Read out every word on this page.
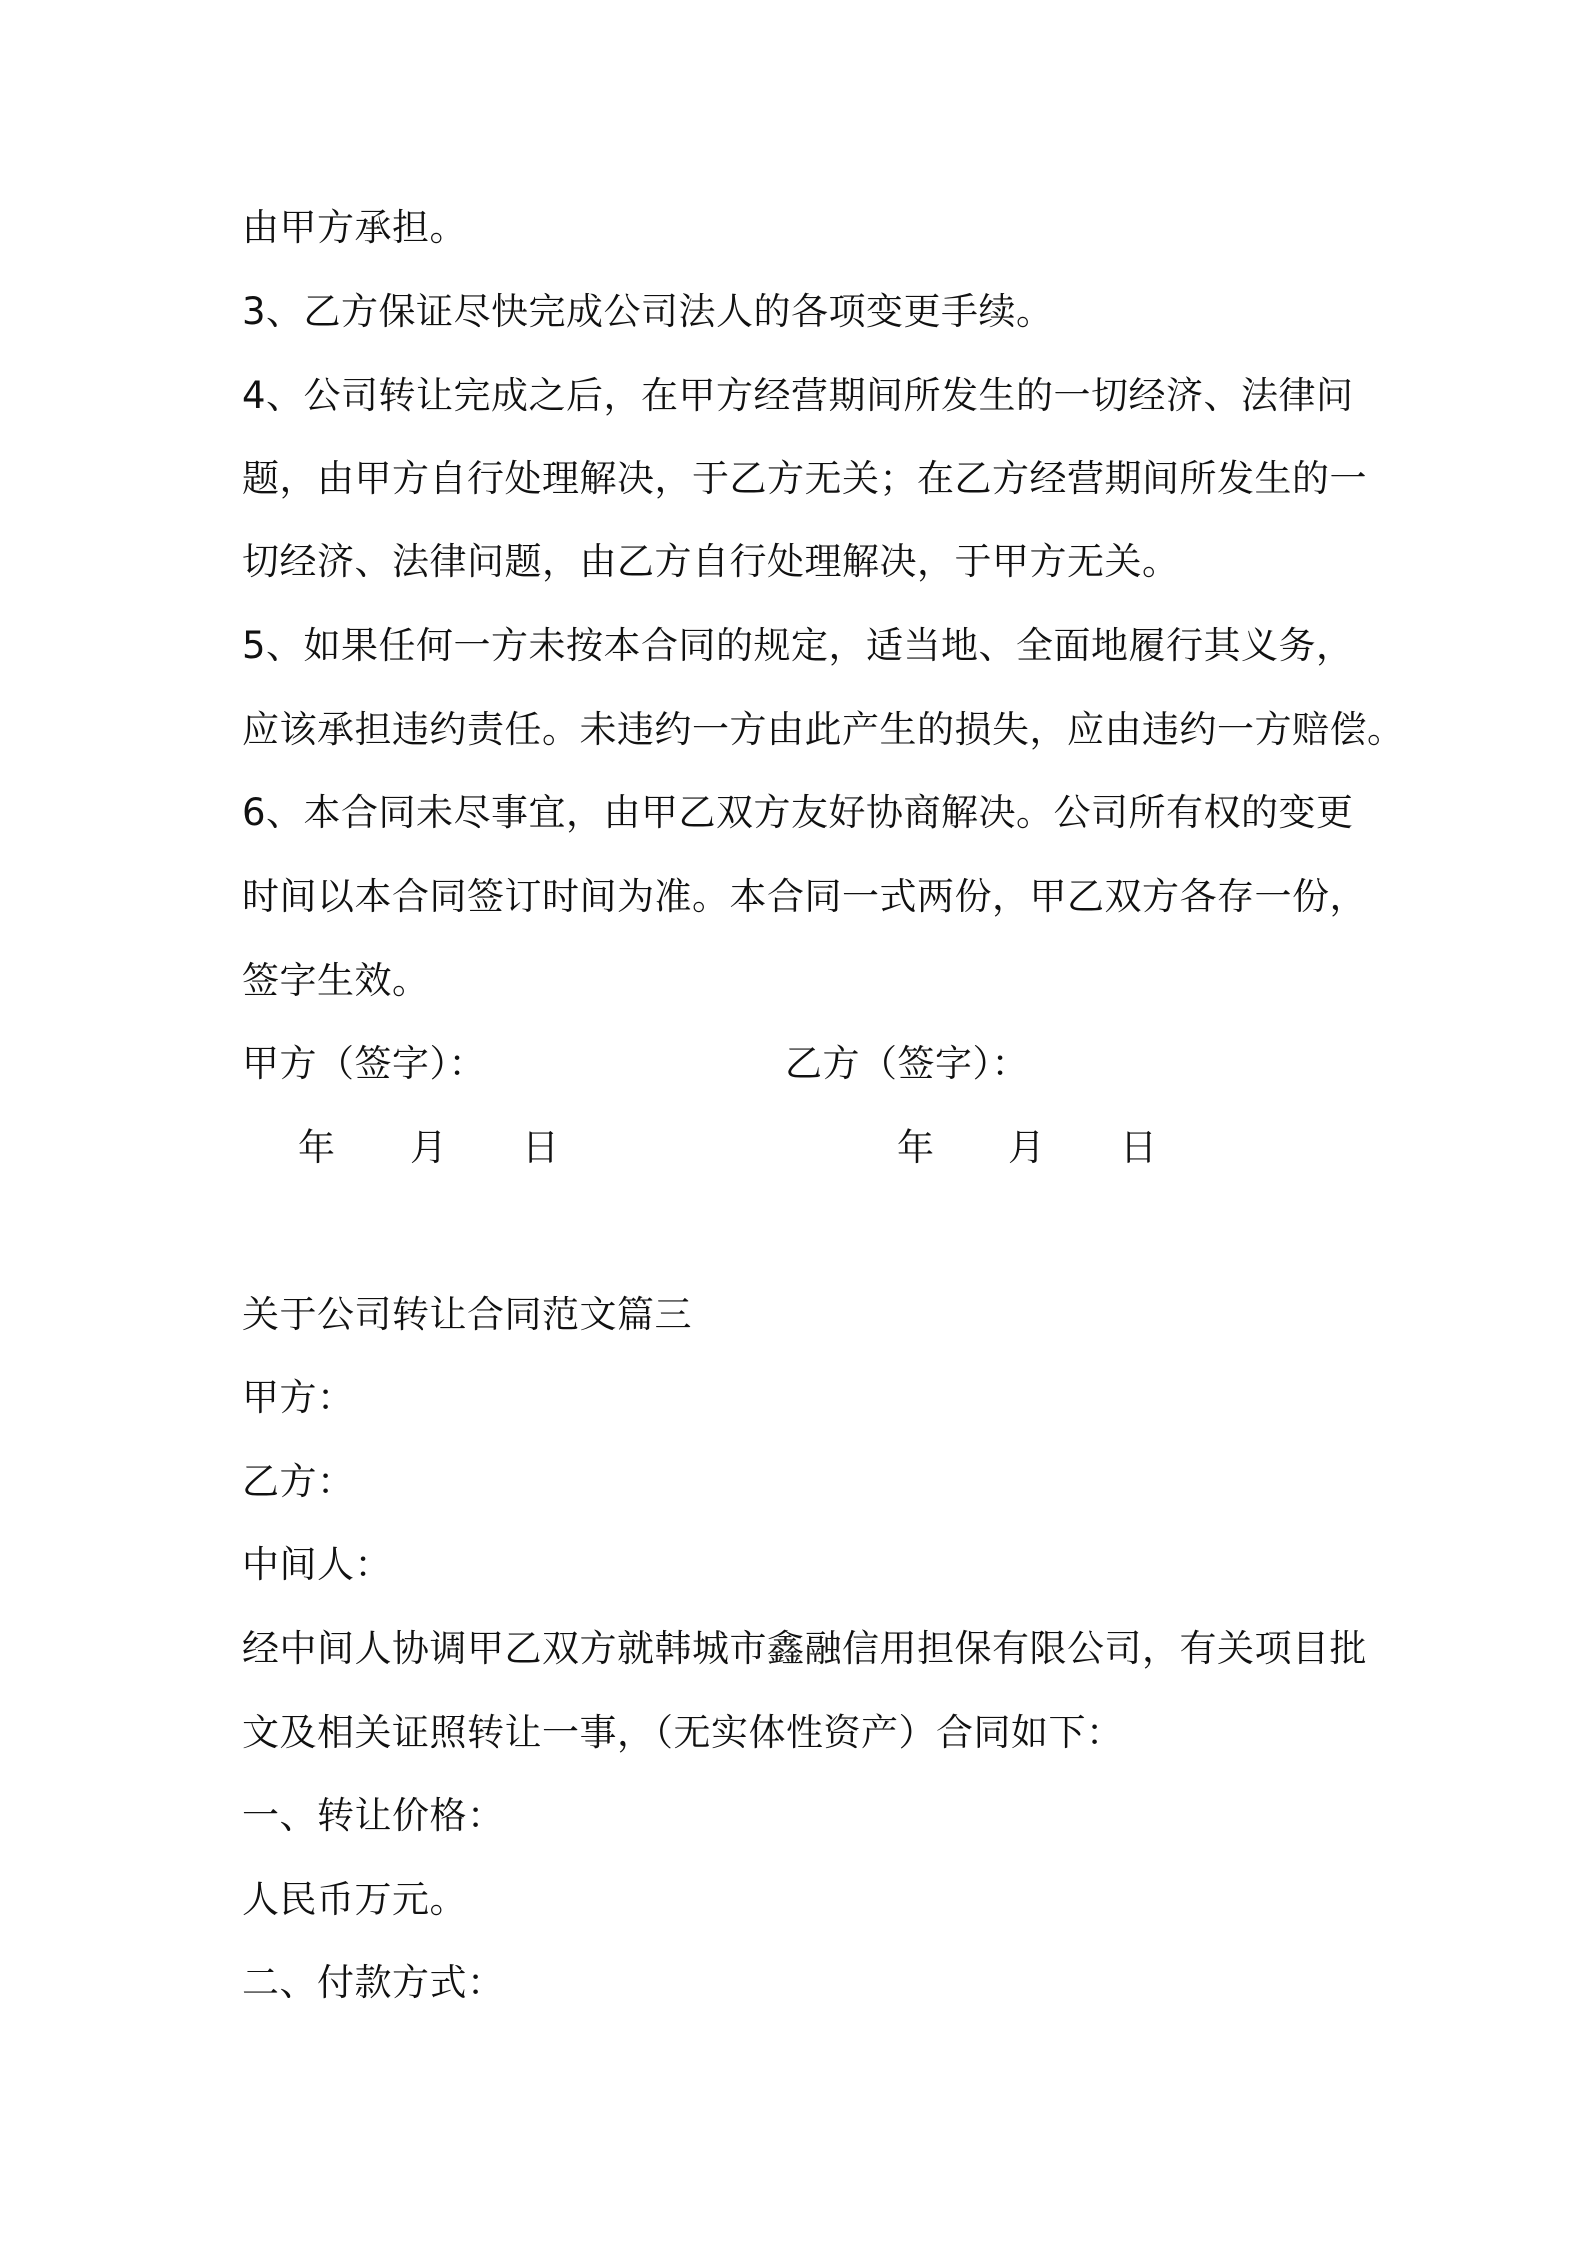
由甲方承担。
3、乙方保证尽快完成公司法人的各项变更手续。
4、公司转让完成之后，在甲方经营期间所发生的一切经济、法律问
题，由甲方自行处理解决，于乙方无关；在乙方经营期间所发生的一
切经济、法律问题，由乙方自行处理解决，于甲方无关。
5、如果任何一方未按本合同的规定，适当地、全面地履行其义务，
应该承担违约责任。未违约一方由此产生的损失，应由违约一方赔偿。
6、本合同未尽事宜，由甲乙双方友好协商解决。公司所有权的变更
时间以本合同签订时间为准。本合同一式两份，甲乙双方各存一份，
签字生效。
甲方（签字）：	乙方（签字）：
年 月 日	年 月 日
关于公司转让合同范文篇三
甲方：
乙方：
中间人：
经中间人协调甲乙双方就韩城市鑫融信用担保有限公司，有关项目批
文及相关证照转让一事，（无实体性资产）合同如下：
一、转让价格：
人民币万元。
二、付款方式：
